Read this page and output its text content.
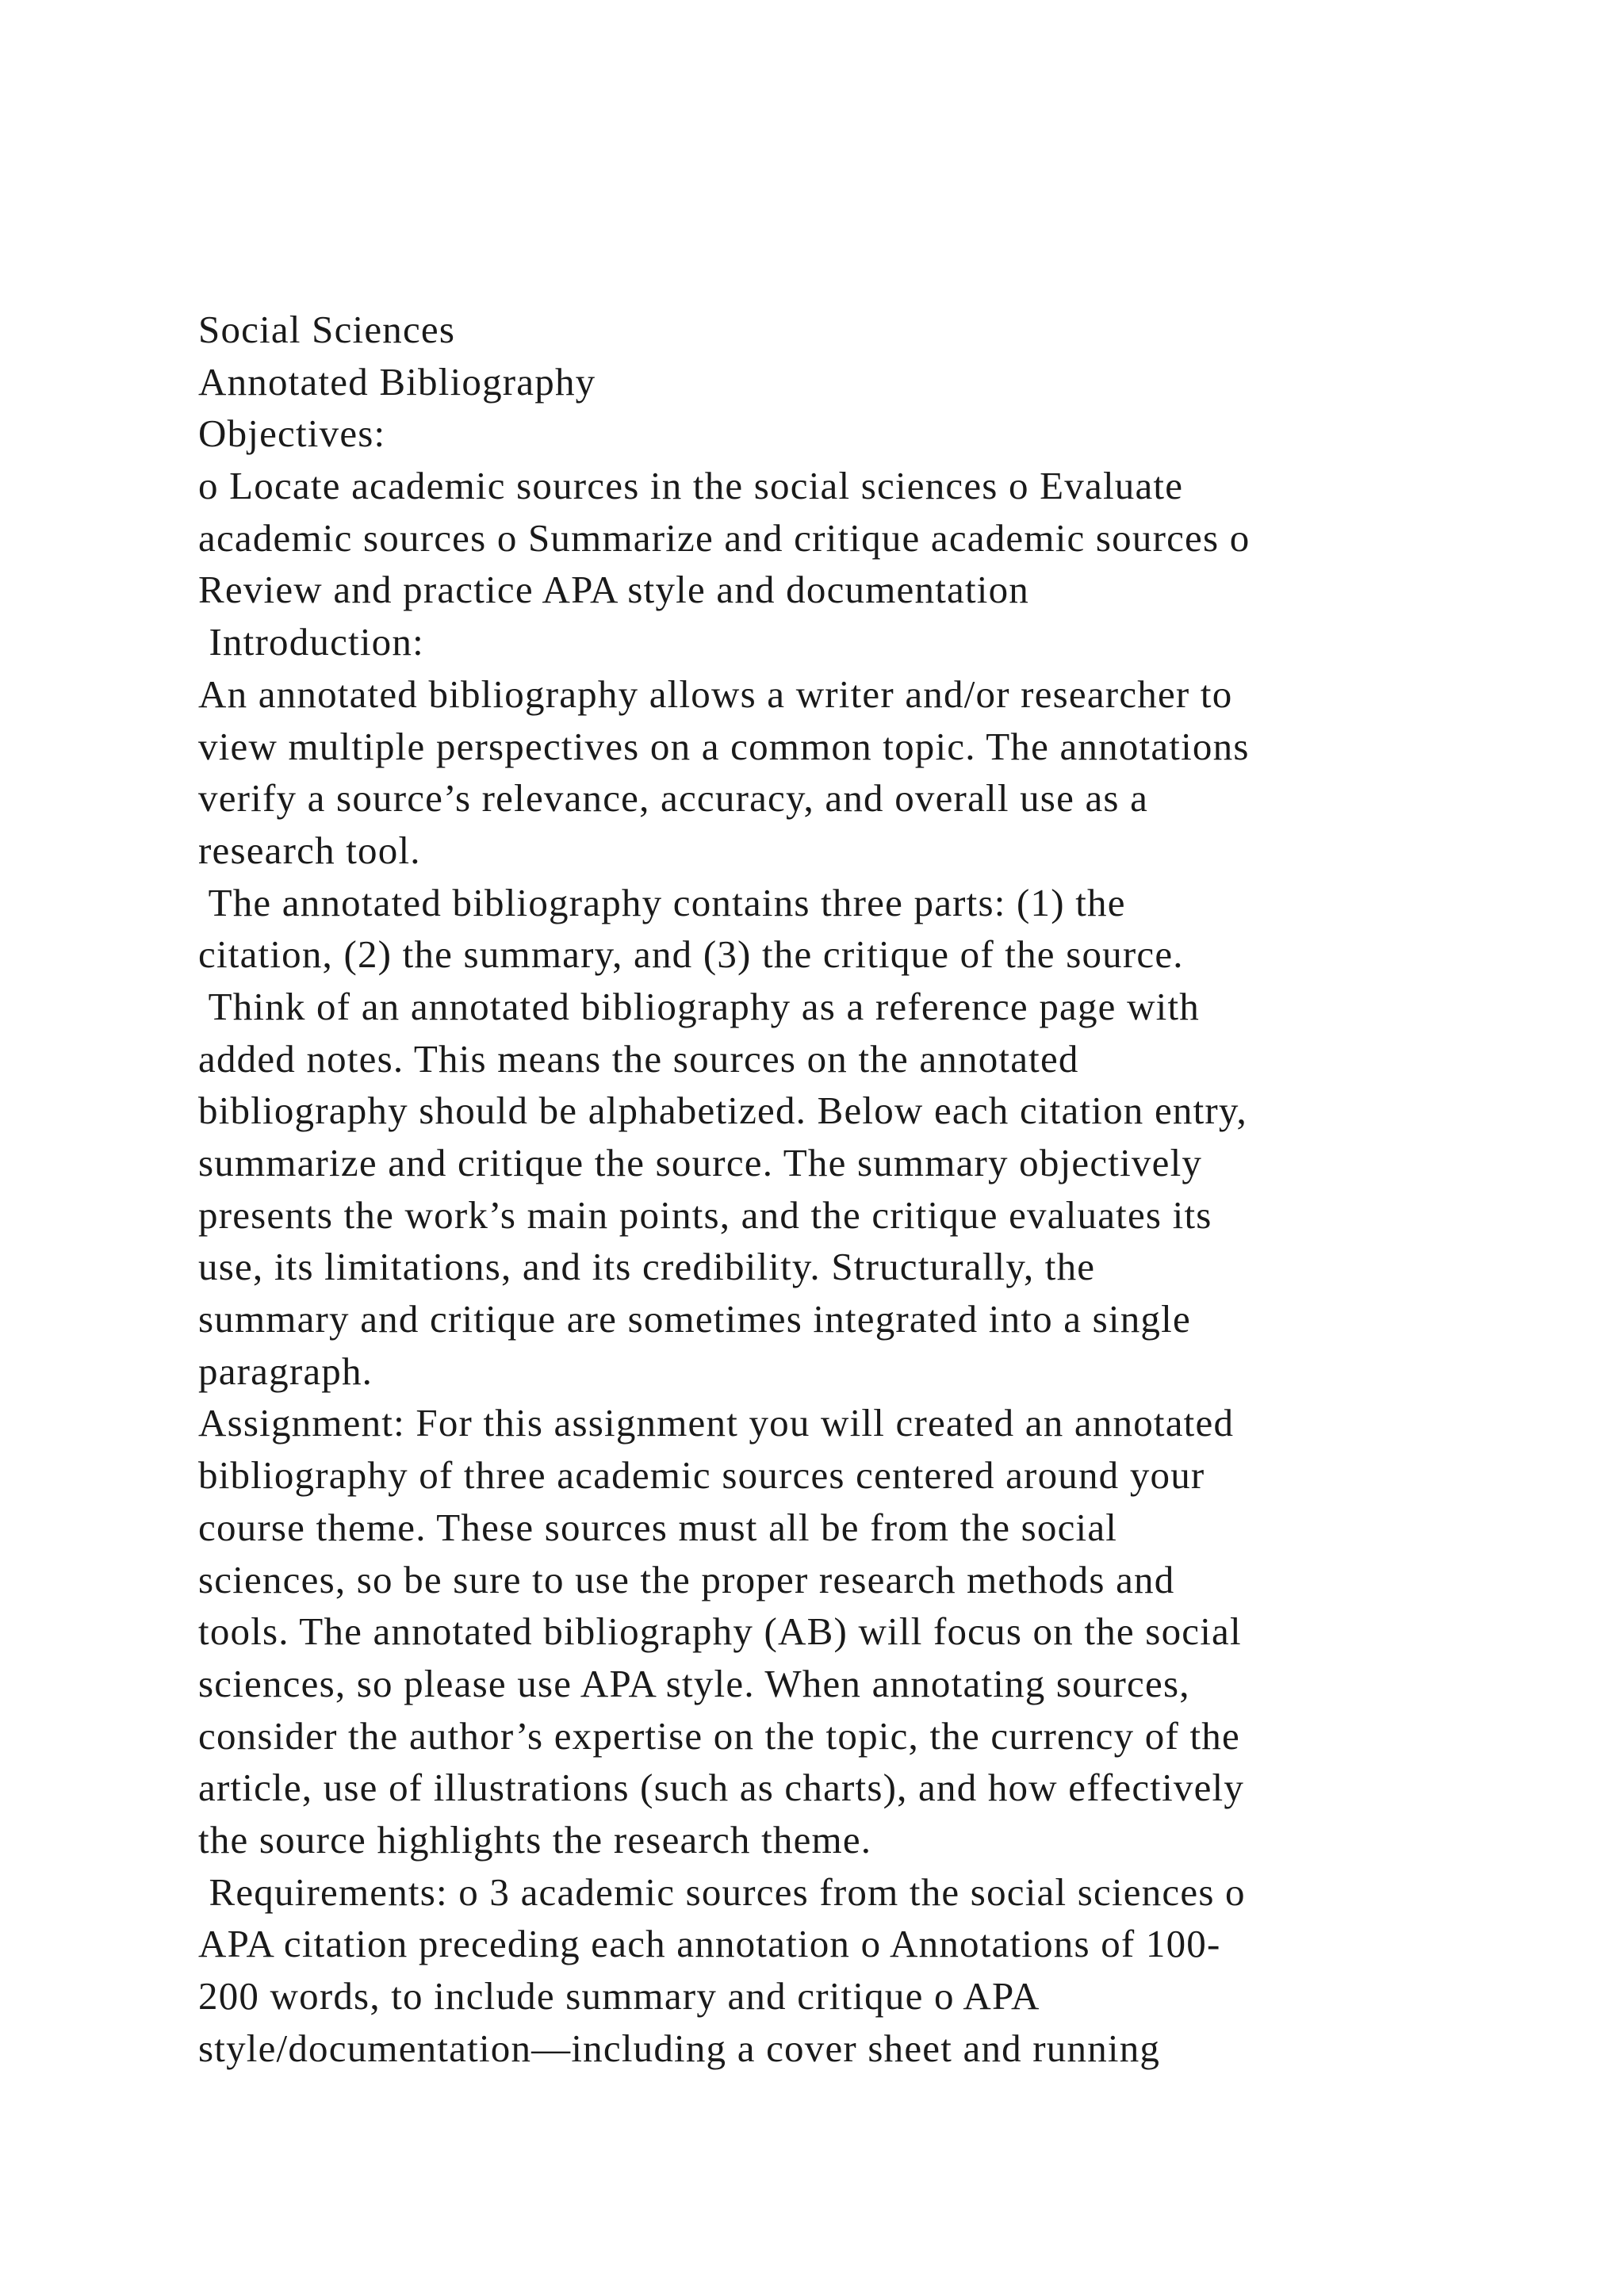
Social Sciences
Annotated Bibliography
Objectives:
o Locate academic sources in the social sciences o Evaluate
academic sources o Summarize and critique academic sources o
Review and practice APA style and documentation
Introduction:
An annotated bibliography allows a writer and/or researcher to
view multiple perspectives on a common topic. The annotations
verify a source’s relevance, accuracy, and overall use as a
research tool.
The annotated bibliography contains three parts: (1) the
citation, (2) the summary, and (3) the critique of the source.
Think of an annotated bibliography as a reference page with
added notes. This means the sources on the annotated
bibliography should be alphabetized. Below each citation entry,
summarize and critique the source. The summary objectively
presents the work’s main points, and the critique evaluates its
use, its limitations, and its credibility. Structurally, the
summary and critique are sometimes integrated into a single
paragraph.
Assignment: For this assignment you will created an annotated
bibliography of three academic sources centered around your
course theme. These sources must all be from the social
sciences, so be sure to use the proper research methods and
tools. The annotated bibliography (AB) will focus on the social
sciences, so please use APA style. When annotating sources,
consider the author’s expertise on the topic, the currency of the
article, use of illustrations (such as charts), and how effectively
the source highlights the research theme.
Requirements: o 3 academic sources from the social sciences o
APA citation preceding each annotation o Annotations of 100-
200 words, to include summary and critique o APA
style/documentation—including a cover sheet and running
